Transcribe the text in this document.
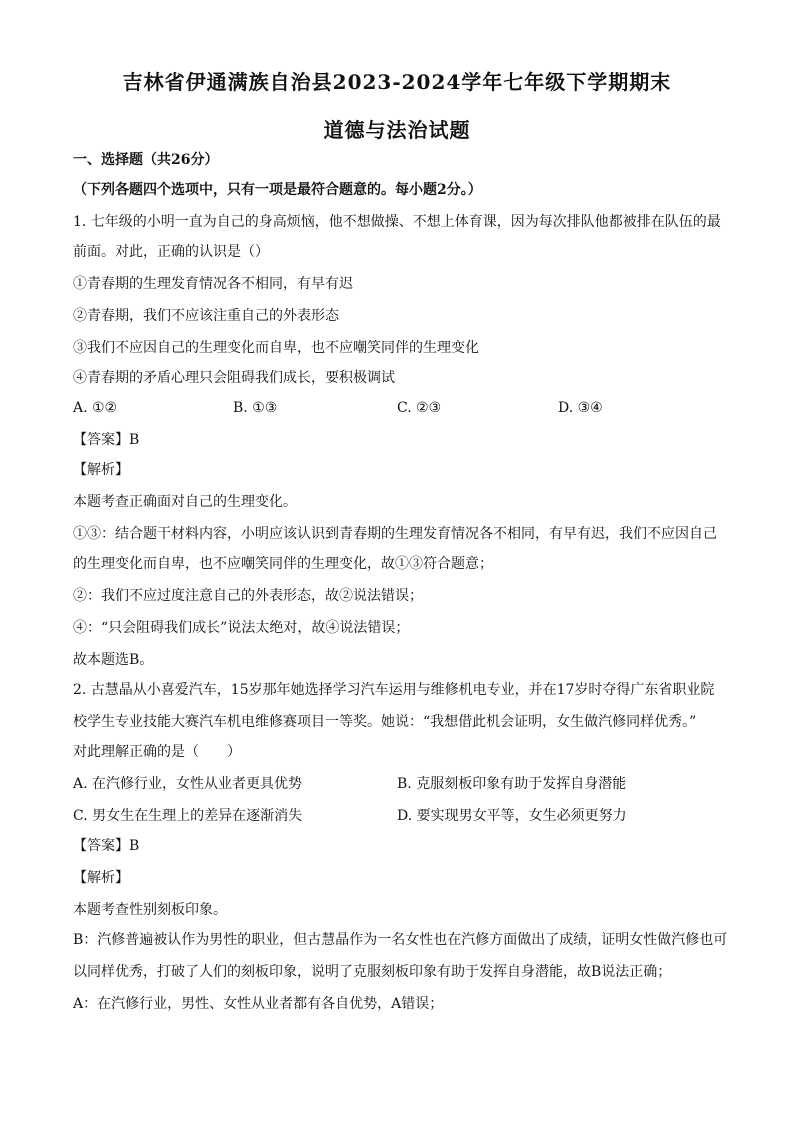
吉林省伊通满族自治县2023-2024学年七年级下学期期末
道德与法治试题
一、选择题（共26分）
（下列各题四个选项中，只有一项是最符合题意的。每小题2分。）
1. 七年级的小明一直为自己的身高烦恼，他不想做操、不想上体育课，因为每次排队他都被排在队伍的最
前面。对此，正确的认识是（）
①青春期的生理发育情况各不相同，有早有迟
②青春期，我们不应该注重自己的外表形态
③我们不应因自己的生理变化而自卑，也不应嘲笑同伴的生理变化
④青春期的矛盾心理只会阻碍我们成长，要积极调试
A. ①②	B. ①③	C. ②③	D. ③④
【答案】B
【解析】
本题考查正确面对自己的生理变化。
①③：结合题干材料内容，小明应该认识到青春期的生理发育情况各不相同，有早有迟，我们不应因自己
的生理变化而自卑，也不应嘲笑同伴的生理变化，故①③符合题意；
②：我们不应过度注意自己的外表形态，故②说法错误；
④：“只会阻碍我们成长”说法太绝对，故④说法错误；
故本题选B。
2. 古慧晶从小喜爱汽车，15岁那年她选择学习汽车运用与维修机电专业，并在17岁时夺得广东省职业院
校学生专业技能大赛汽车机电维修赛项目一等奖。她说：“我想借此机会证明，女生做汽修同样优秀。”
对此理解正确的是（　　）
A. 在汽修行业，女性从业者更具优势	B. 克服刻板印象有助于发挥自身潜能
C. 男女生在生理上的差异在逐渐消失	D. 要实现男女平等，女生必须更努力
【答案】B
【解析】
本题考查性别刻板印象。
B：汽修普遍被认作为男性的职业，但古慧晶作为一名女性也在汽修方面做出了成绩，证明女性做汽修也可
以同样优秀，打破了人们的刻板印象，说明了克服刻板印象有助于发挥自身潜能，故B说法正确；
A：在汽修行业，男性、女性从业者都有各自优势，A错误；
